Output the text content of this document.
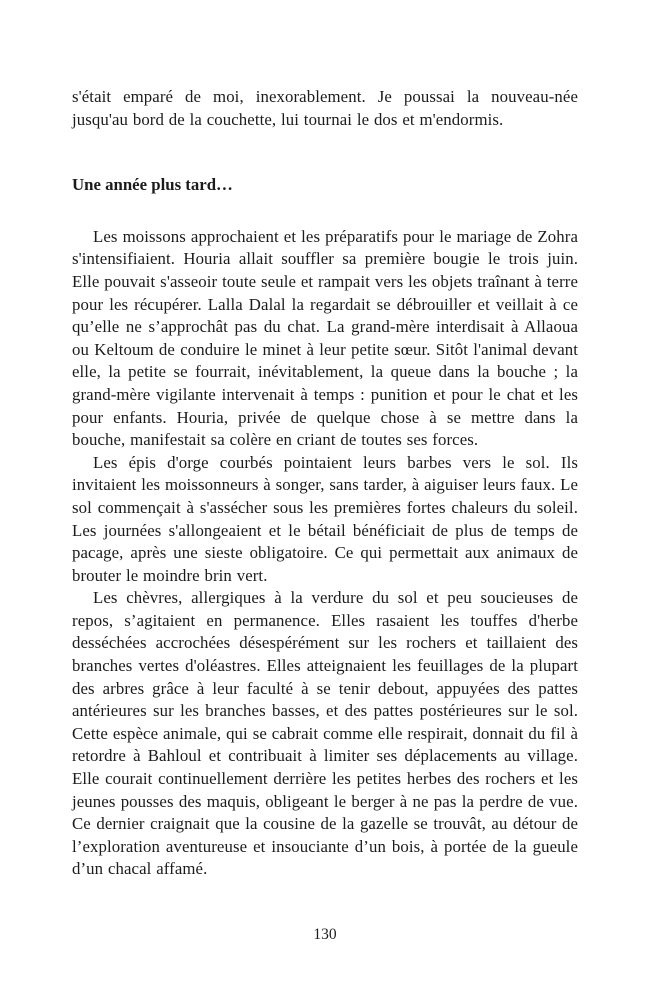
s'était emparé de moi, inexorablement. Je poussai la nouveau-née jusqu'au bord de la couchette, lui tournai le dos et m'endormis.

Une année plus tard…

Les moissons approchaient et les préparatifs pour le mariage de Zohra s'intensifiaient. Houria allait souffler sa première bougie le trois juin. Elle pouvait s'asseoir toute seule et rampait vers les objets traînant à terre pour les récupérer. Lalla Dalal la regardait se débrouiller et veillait à ce qu’elle ne s’approchât pas du chat. La grand-mère interdisait à Allaoua ou Keltoum de conduire le minet à leur petite sœur. Sitôt l'animal devant elle, la petite se fourrait, inévitablement, la queue dans la bouche ; la grand-mère vigilante intervenait à temps : punition et pour le chat et les pour enfants. Houria, privée de quelque chose à se mettre dans la bouche, manifestait sa colère en criant de toutes ses forces.

Les épis d'orge courbés pointaient leurs barbes vers le sol. Ils invitaient les moissonneurs à songer, sans tarder, à aiguiser leurs faux. Le sol commençait à s'assécher sous les premières fortes chaleurs du soleil. Les journées s'allongeaient et le bétail bénéficiait de plus de temps de pacage, après une sieste obligatoire. Ce qui permettait aux animaux de brouter le moindre brin vert.

Les chèvres, allergiques à la verdure du sol et peu soucieuses de repos, s’agitaient en permanence. Elles rasaient les touffes d'herbe desséchées accrochées désespérément sur les rochers et taillaient des branches vertes d'oléastres. Elles atteignaient les feuillages de la plupart des arbres grâce à leur faculté à se tenir debout, appuyées des pattes antérieures sur les branches basses, et des pattes postérieures sur le sol. Cette espèce animale, qui se cabrait comme elle respirait, donnait du fil à retordre à Bahloul et contribuait à limiter ses déplacements au village. Elle courait continuellement derrière les petites herbes des rochers et les jeunes pousses des maquis, obligeant le berger à ne pas la perdre de vue. Ce dernier craignait que la cousine de la gazelle se trouvât, au détour de l’exploration aventureuse et insouciante d’un bois, à portée de la gueule d’un chacal affamé.

130
